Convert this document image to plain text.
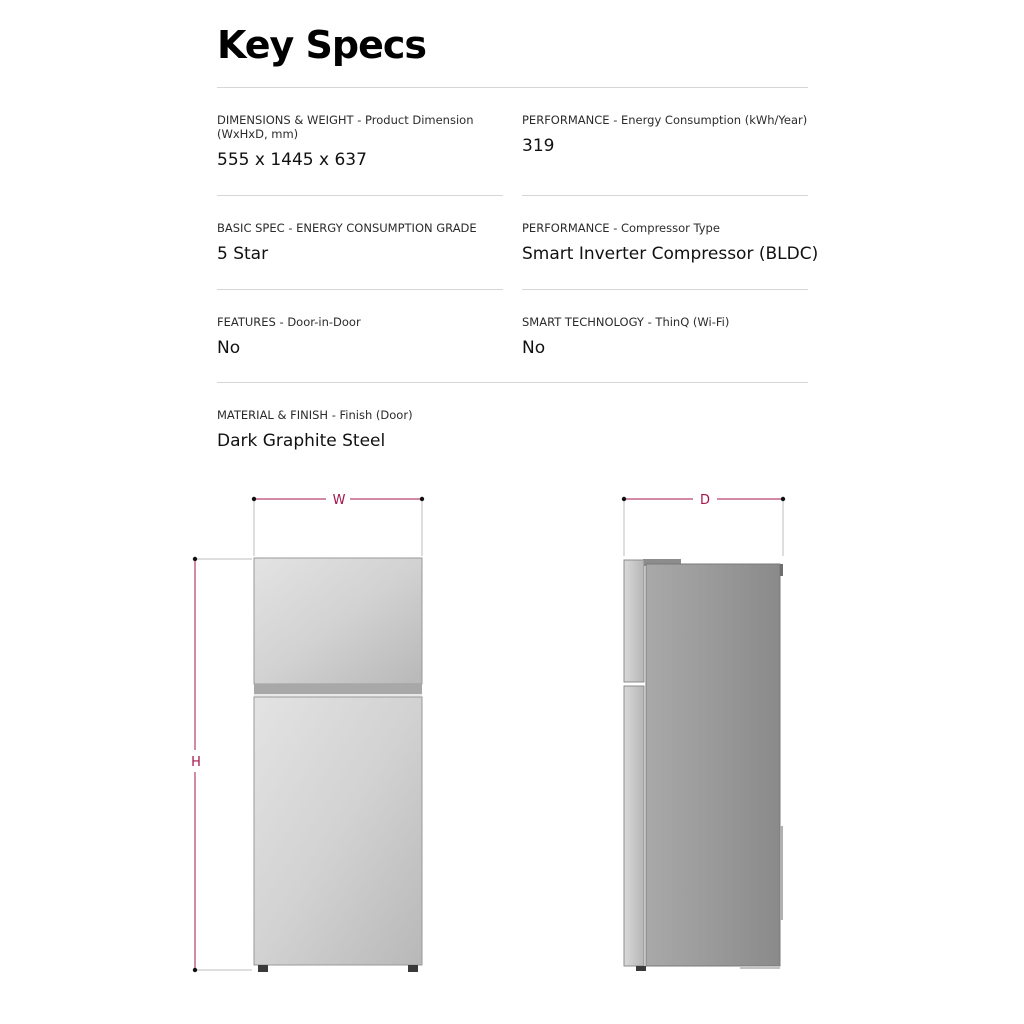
Key Specs
DIMENSIONS & WEIGHT - Product Dimension (WxHxD, mm)
555 x 1445 x 637
PERFORMANCE - Energy Consumption (kWh/Year)
319
BASIC SPEC - ENERGY CONSUMPTION GRADE
5 Star
PERFORMANCE - Compressor Type
Smart Inverter Compressor (BLDC)
FEATURES - Door-in-Door
No
SMART TECHNOLOGY - ThinQ (Wi-Fi)
No
MATERIAL & FINISH - Finish (Door)
Dark Graphite Steel
W
H
D
